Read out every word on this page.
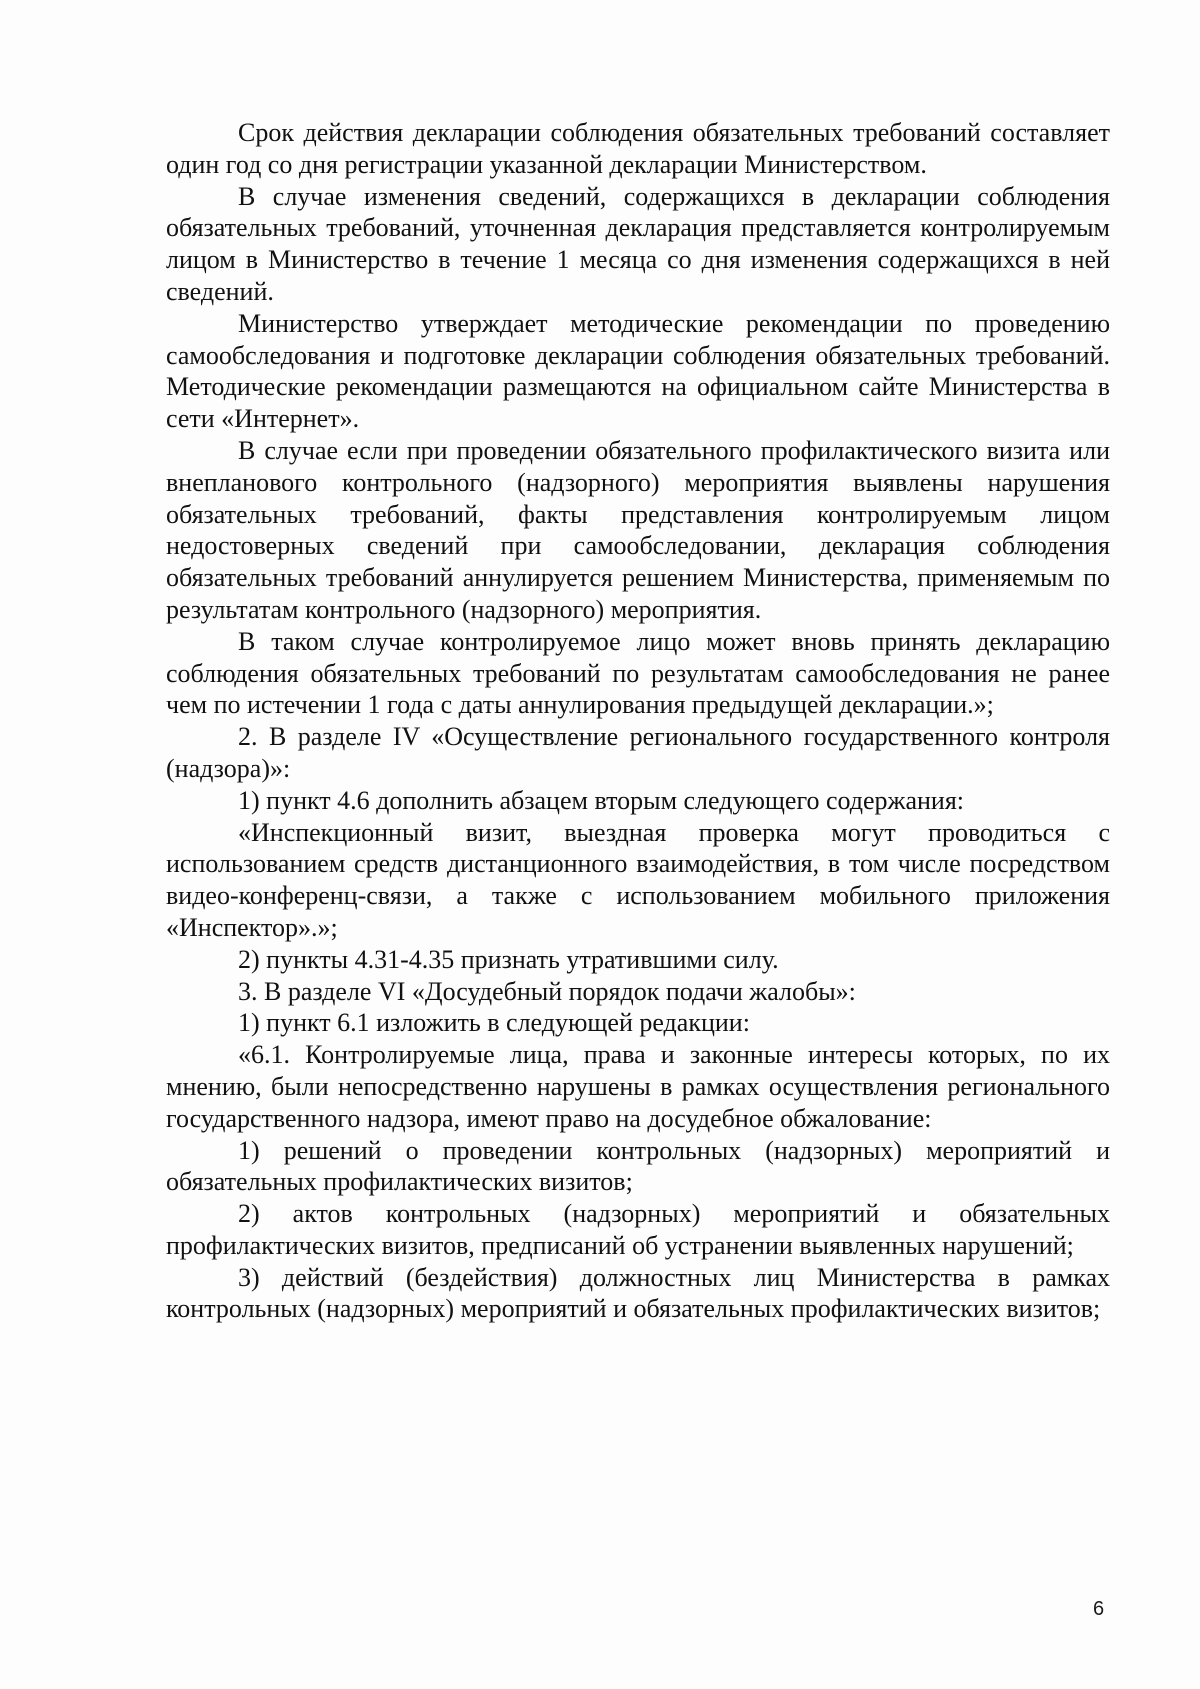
Срок действия декларации соблюдения обязательных требований составляет один год со дня регистрации указанной декларации Министерством.

В случае изменения сведений, содержащихся в декларации соблюдения обязательных требований, уточненная декларация представляется контролируемым лицом в Министерство в течение 1 месяца со дня изменения содержащихся в ней сведений.

Министерство утверждает методические рекомендации по проведению самообследования и подготовке декларации соблюдения обязательных требований. Методические рекомендации размещаются на официальном сайте Министерства в сети «Интернет».

В случае если при проведении обязательного профилактического визита или внепланового контрольного (надзорного) мероприятия выявлены нарушения обязательных требований, факты представления контролируемым лицом недостоверных сведений при самообследовании, декларация соблюдения обязательных требований аннулируется решением Министерства, применяемым по результатам контрольного (надзорного) мероприятия.

В таком случае контролируемое лицо может вновь принять декларацию соблюдения обязательных требований по результатам самообследования не ранее чем по истечении 1 года с даты аннулирования предыдущей декларации.»;

2. В разделе IV «Осуществление регионального государственного контроля (надзора)»:

1) пункт 4.6 дополнить абзацем вторым следующего содержания:

«Инспекционный визит, выездная проверка могут проводиться с использованием средств дистанционного взаимодействия, в том числе посредством видео-конференц-связи, а также с использованием мобильного приложения «Инспектор».»;

2) пункты 4.31-4.35 признать утратившими силу.

3. В разделе VI «Досудебный порядок подачи жалобы»:

1) пункт 6.1 изложить в следующей редакции:

«6.1. Контролируемые лица, права и законные интересы которых, по их мнению, были непосредственно нарушены в рамках осуществления регионального государственного надзора, имеют право на досудебное обжалование:

1) решений о проведении контрольных (надзорных) мероприятий и обязательных профилактических визитов;

2) актов контрольных (надзорных) мероприятий и обязательных профилактических визитов, предписаний об устранении выявленных нарушений;

3) действий (бездействия) должностных лиц Министерства в рамках контрольных (надзорных) мероприятий и обязательных профилактических визитов;

6
